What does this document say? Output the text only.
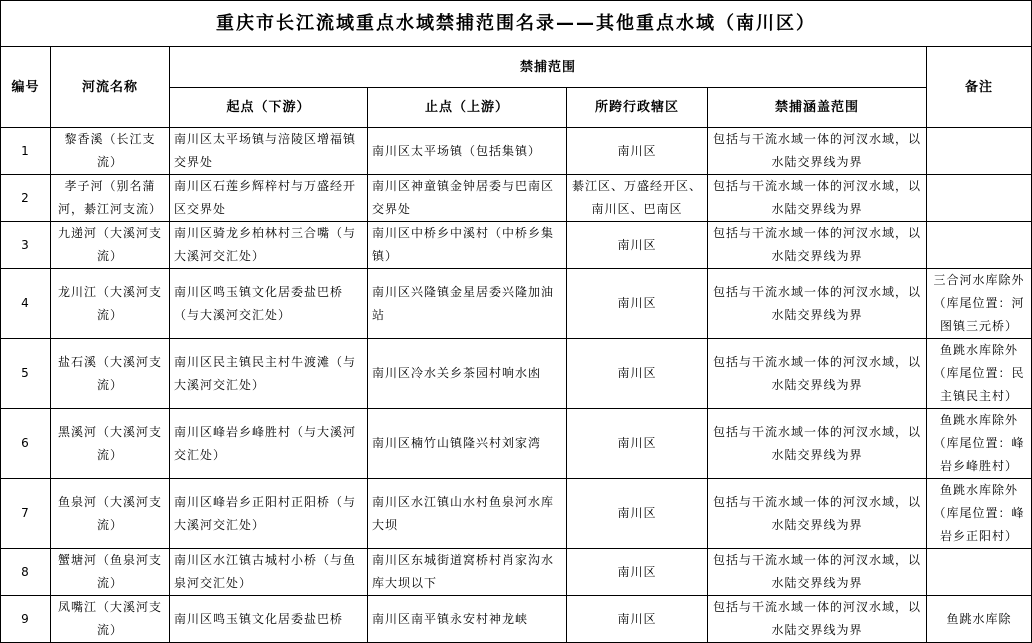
重庆市长江流域重点水域禁捕范围名录——其他重点水域（南川区）						
编号	河流名称	禁捕范围				备注
		起点（下游）	止点（上游）	所跨行政辖区	禁捕涵盖范围	
1	黎香溪（长江支流）	南川区太平场镇与涪陵区增福镇交界处	南川区太平场镇（包括集镇）	南川区	包括与干流水域一体的河汊水域，以水陆交界线为界	
2	孝子河（别名蒲河，綦江河支流）	南川区石莲乡辉梓村与万盛经开区交界处	南川区神童镇金钟居委与巴南区交界处	綦江区、万盛经开区、南川区、巴南区	包括与干流水域一体的河汊水域，以水陆交界线为界	
3	九递河（大溪河支流）	南川区骑龙乡柏林村三合嘴（与大溪河交汇处）	南川区中桥乡中溪村（中桥乡集镇）	南川区	包括与干流水域一体的河汊水域，以水陆交界线为界	
4	龙川江（大溪河支流）	南川区鸣玉镇文化居委盐巴桥（与大溪河交汇处）	南川区兴隆镇金星居委兴隆加油站	南川区	包括与干流水域一体的河汊水域，以水陆交界线为界	三合河水库除外（库尾位置：河图镇三元桥）
5	盐石溪（大溪河支流）	南川区民主镇民主村牛渡滩（与大溪河交汇处）	南川区冷水关乡茶园村响水凼	南川区	包括与干流水域一体的河汊水域，以水陆交界线为界	鱼跳水库除外（库尾位置：民主镇民主村）
6	黑溪河（大溪河支流）	南川区峰岩乡峰胜村（与大溪河交汇处）	南川区楠竹山镇隆兴村刘家湾	南川区	包括与干流水域一体的河汊水域，以水陆交界线为界	鱼跳水库除外（库尾位置：峰岩乡峰胜村）
7	鱼泉河（大溪河支流）	南川区峰岩乡正阳村正阳桥（与大溪河交汇处）	南川区水江镇山水村鱼泉河水库大坝	南川区	包括与干流水域一体的河汊水域，以水陆交界线为界	鱼跳水库除外（库尾位置：峰岩乡正阳村）
8	蟹塘河（鱼泉河支流）	南川区水江镇古城村小桥（与鱼泉河交汇处）	南川区东城街道窝桥村肖家沟水库大坝以下	南川区	包括与干流水域一体的河汊水域，以水陆交界线为界	
9	凤嘴江（大溪河支流）	南川区鸣玉镇文化居委盐巴桥	南川区南平镇永安村神龙峡	南川区	包括与干流水域一体的河汊水域，以水陆交界线为界	鱼跳水库除
